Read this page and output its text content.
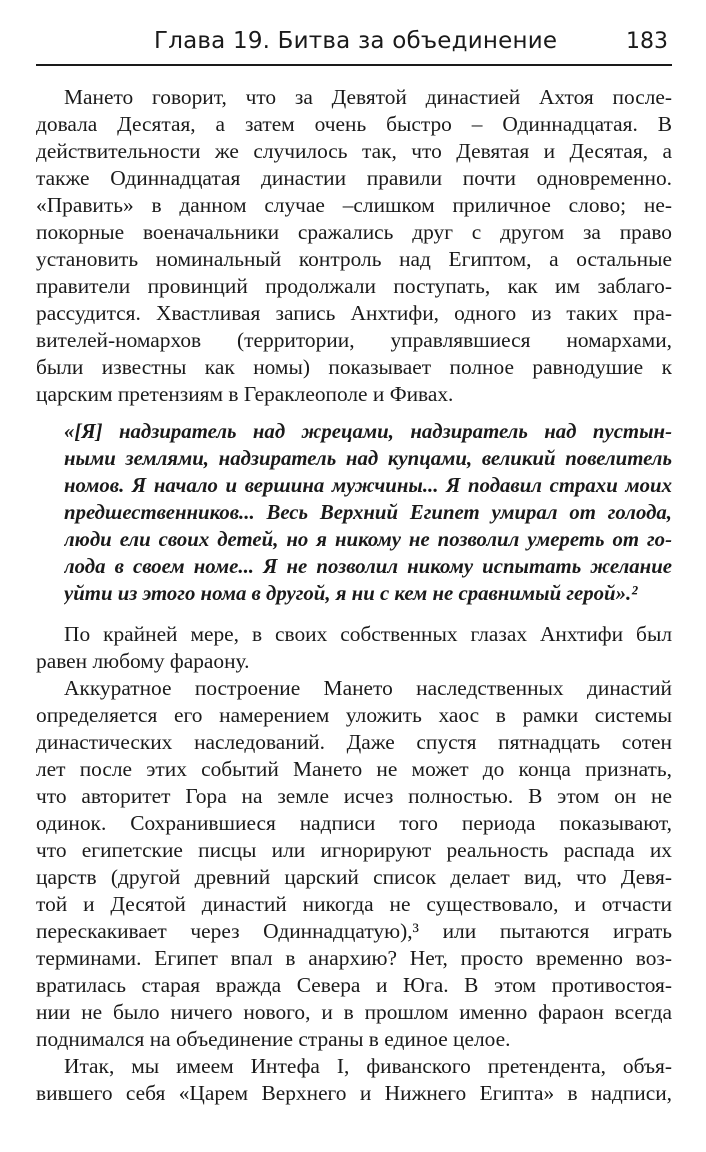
Глава 19. Битва за объединение	183
Мането говорит, что за Девятой династией Ахтоя после-
довала Десятая, а затем очень быстро – Одиннадцатая. В
действительности же случилось так, что Девятая и Десятая, а
также Одиннадцатая династии правили почти одновременно.
«Править» в данном случае –слишком приличное слово; не-
покорные военачальники сражались друг с другом за право
установить номинальный контроль над Египтом, а остальные
правители провинций продолжали поступать, как им заблаго-
рассудится. Хвастливая запись Анхтифи, одного из таких пра-
вителей-номархов (территории, управлявшиеся номархами,
были известны как номы) показывает полное равнодушие к
царским претензиям в Гераклеополе и Фивах.
«[Я] надзиратель над жрецами, надзиратель над пустын-
ными землями, надзиратель над купцами, великий повелитель
номов. Я начало и вершина мужчины... Я подавил страхи моих
предшественников... Весь Верхний Египет умирал от голода,
люди ели своих детей, но я никому не позволил умереть от го-
лода в своем номе... Я не позволил никому испытать желание
уйти из этого нома в другой, я ни с кем не сравнимый герой».²
По крайней мере, в своих собственных глазах Анхтифи был
равен любому фараону.
Аккуратное построение Мането наследственных династий
определяется его намерением уложить хаос в рамки системы
династических наследований. Даже спустя пятнадцать сотен
лет после этих событий Мането не может до конца признать,
что авторитет Гора на земле исчез полностью. В этом он не
одинок. Сохранившиеся надписи того периода показывают,
что египетские писцы или игнорируют реальность распада их
царств (другой древний царский список делает вид, что Девя-
той и Десятой династий никогда не существовало, и отчасти
перескакивает через Одиннадцатую),³ или пытаются играть
терминами. Египет впал в анархию? Нет, просто временно воз-
вратилась старая вражда Севера и Юга. В этом противостоя-
нии не было ничего нового, и в прошлом именно фараон всегда
поднимался на объединение страны в единое целое.
Итак, мы имеем Интефа I, фиванского претендента, объя-
вившего себя «Царем Верхнего и Нижнего Египта» в надписи,
